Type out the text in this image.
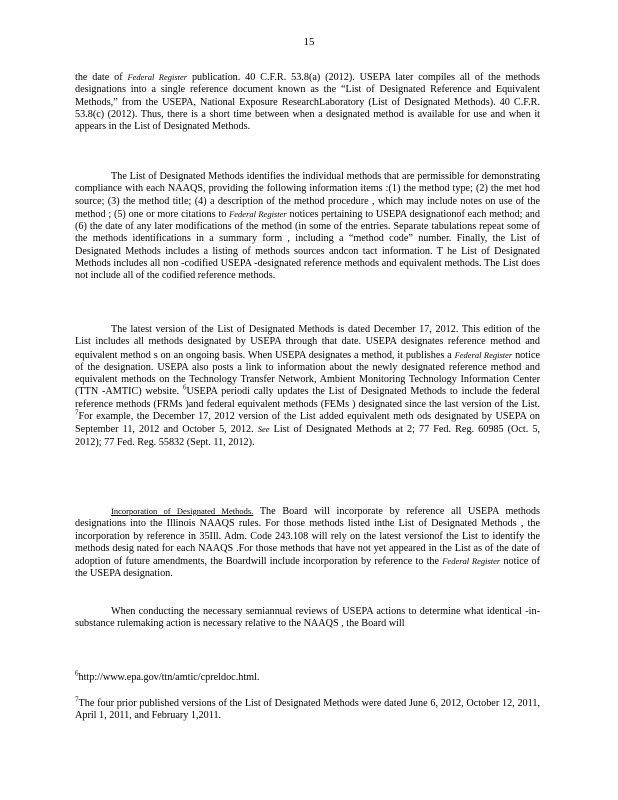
15

the date of Federal Register publication. 40 C.F.R. 53.8(a) (2012). USEPA later compiles all of the methods designations into a single reference document known as the “List of Designated Reference and Equivalent Methods,” from the USEPA, National Exposure ResearchLaboratory (List of Designated Methods). 40 C.F.R. 53.8(c) (2012). Thus, there is a short time between when a designated method is available for use and when it appears in the List of Designated Methods.

The List of Designated Methods identifies the individual methods that are permissible for demonstrating compliance with each NAAQS, providing the following information items :(1) the method type; (2) the met hod source; (3) the method title; (4) a description of the method procedure , which may include notes on use of the method ; (5) one or more citations to Federal Register notices pertaining to USEPA designationof each method; and (6) the date of any later modifications of the method (in some of the entries. Separate tabulations repeat some of the methods identifications in a summary form , including a “method code” number. Finally, the List of Designated Methods includes a listing of methods sources andcon tact information. T he List of Designated Methods includes all non -codified USEPA -designated reference methods and equivalent methods. The List does not include all of the codified reference methods.

The latest version of the List of Designated Methods is dated December 17, 2012. This edition of the List includes all methods designated by USEPA through that date. USEPA designates reference method and equivalent method s on an ongoing basis. When USEPA designates a method, it publishes a Federal Register notice of the designation. USEPA also posts a link to information about the newly designated reference method and equivalent methods on the Technology Transfer Network, Ambient Monitoring Technology Information Center (TTN -AMTIC) website. $^6$USEPA periodi cally updates the List of Designated Methods to include the federal reference methods (FRMs )and federal equivalent methods (FEMs ) designated since the last version of the List. $^7$For example, the December 17, 2012 version of the List added equivalent meth ods designated by USEPA on September 11, 2012 and October 5, 2012. See List of Designated Methods at 2; 77 Fed. Reg. 60985 (Oct. 5, 2012); 77 Fed. Reg. 55832 (Sept. 11, 2012).

Incorporation of Designated Methods. The Board will incorporate by reference all USEPA methods designations into the Illinois NAAQS rules. For those methods listed inthe List of Designated Methods , the incorporation by reference in 35Ill. Adm. Code 243.108 will rely on the latest versionof the List to identify the methods desig nated for each NAAQS .For those methods that have not yet appeared in the List as of the date of adoption of future amendments, the Boardwill include incorporation by reference to the Federal Register notice of the USEPA designation.

When conducting the necessary semiannual reviews of USEPA actions to determine what identical -in-substance rulemaking action is necessary relative to the NAAQS , the Board will

$^6$http://www.epa.gov/ttn/amtic/cpreldoc.html.

$^7$The four prior published versions of the List of Designated Methods were dated June 6, 2012, October 12, 2011, April 1, 2011, and February 1,2011.
